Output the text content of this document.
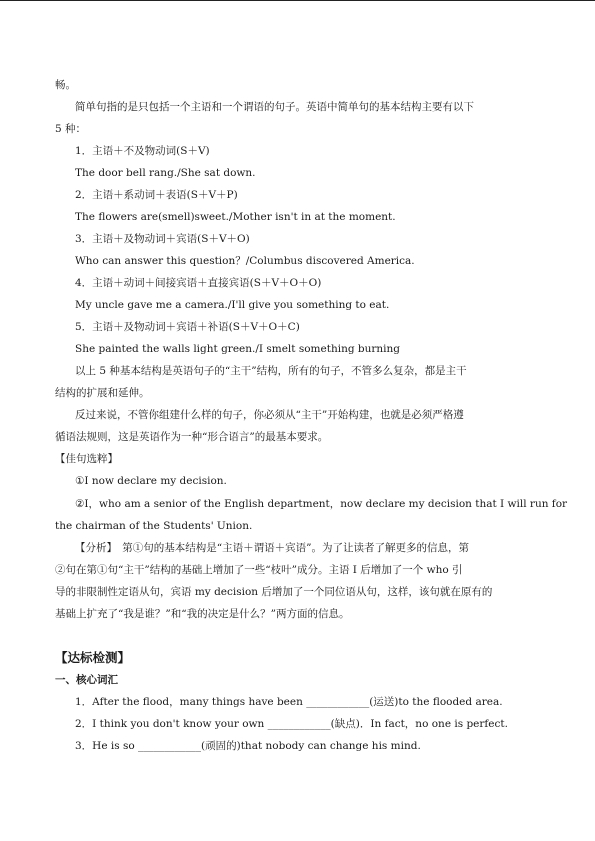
畅。
简单句指的是只包括一个主语和一个谓语的句子。英语中简单句的基本结构主要有以下
5 种：
1．主语＋不及物动词(S＋V)
The door bell rang./She sat down.
2．主语＋系动词＋表语(S＋V＋P)
The flowers are(smell)sweet./Mother isn't in at the moment.
3．主语＋及物动词＋宾语(S＋V＋O)
Who can answer this question？/Columbus discovered America.
4．主语＋动词＋间接宾语＋直接宾语(S＋V＋O＋O)
My uncle gave me a camera./I'll give you something to eat.
5．主语＋及物动词＋宾语＋补语(S＋V＋O＋C)
She painted the walls light green./I smelt something burning
以上 5 种基本结构是英语句子的“主干”结构，所有的句子，不管多么复杂，都是主干
结构的扩展和延伸。
反过来说，不管你组建什么样的句子，你必须从“主干”开始构建，也就是必须严格遵
循语法规则，这是英语作为一种“形合语言”的最基本要求。
【佳句选粹】
①I now declare my decision.
②I，who am a senior of the English department，now declare my decision that I will run for
the chairman of the Students' Union.
【分析】　第①句的基本结构是“主语＋谓语＋宾语”。为了让读者了解更多的信息，第
②句在第①句“主干”结构的基础上增加了一些“枝叶”成分。主语 I 后增加了一个 who 引
导的非限制性定语从句，宾语 my decision 后增加了一个同位语从句，这样，该句就在原有的
基础上扩充了“我是谁？”和“我的决定是什么？”两方面的信息。
【达标检测】
一、核心词汇
1．After the flood，many things have been ____________(运送)to the flooded area.
2．I think you don't know your own ____________(缺点)．In fact，no one is perfect.
3．He is so ____________(顽固的)that nobody can change his mind.
